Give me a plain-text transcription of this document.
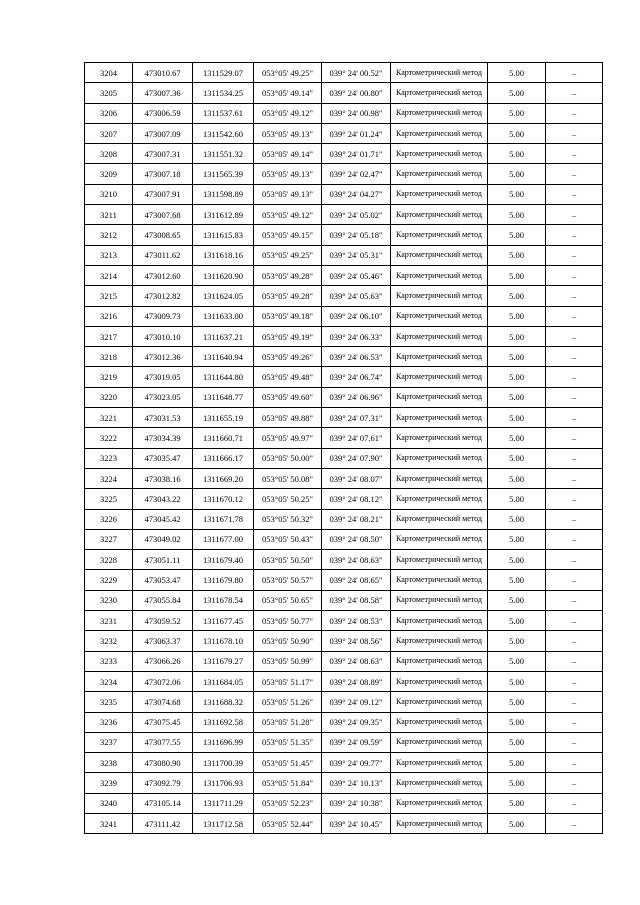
3204	473010.67	1311529.07	053°05' 49.25"	039° 24' 00.52"	Картометрический метод	5.00	–
3205	473007.36	1311534.25	053°05' 49.14"	039° 24' 00.80"	Картометрический метод	5.00	–
3206	473006.59	1311537.61	053°05' 49.12"	039° 24' 00.98"	Картометрический метод	5.00	–
3207	473007.09	1311542.60	053°05' 49.13"	039° 24' 01.24"	Картометрический метод	5.00	–
3208	473007.31	1311551.32	053°05' 49.14"	039° 24' 01.71"	Картометрический метод	5.00	–
3209	473007.18	1311565.39	053°05' 49.13"	039° 24' 02.47"	Картометрический метод	5.00	–
3210	473007.91	1311598.89	053°05' 49.13"	039° 24' 04.27"	Картометрический метод	5.00	–
3211	473007.68	1311612.89	053°05' 49.12"	039° 24' 05.02"	Картометрический метод	5.00	–
3212	473008.65	1311615.83	053°05' 49.15"	039° 24' 05.18"	Картометрический метод	5.00	–
3213	473011.62	1311618.16	053°05' 49.25"	039° 24' 05.31"	Картометрический метод	5.00	–
3214	473012.60	1311620.90	053°05' 49.28"	039° 24' 05.46"	Картометрический метод	5.00	–
3215	473012.82	1311624.05	053°05' 49.28"	039° 24' 05.63"	Картометрический метод	5.00	–
3216	473009.73	1311633.00	053°05' 49.18"	039° 24' 06.10"	Картометрический метод	5.00	–
3217	473010.10	1311637.21	053°05' 49.19"	039° 24' 06.33"	Картометрический метод	5.00	–
3218	473012.36	1311640.94	053°05' 49.26"	039° 24' 06.53"	Картометрический метод	5.00	–
3219	473019.05	1311644.80	053°05' 49.48"	039° 24' 06.74"	Картометрический метод	5.00	–
3220	473023.05	1311648.77	053°05' 49.60"	039° 24' 06.96"	Картометрический метод	5.00	–
3221	473031.53	1311655.19	053°05' 49.88"	039° 24' 07.31"	Картометрический метод	5.00	–
3222	473034.39	1311660.71	053°05' 49.97"	039° 24' 07.61"	Картометрический метод	5.00	–
3223	473035.47	1311666.17	053°05' 50.00"	039° 24' 07.90"	Картометрический метод	5.00	–
3224	473038.16	1311669.20	053°05' 50.08"	039° 24' 08.07"	Картометрический метод	5.00	–
3225	473043.22	1311670.12	053°05' 50.25"	039° 24' 08.12"	Картометрический метод	5.00	–
3226	473045.42	1311671.78	053°05' 50.32"	039° 24' 08.21"	Картометрический метод	5.00	–
3227	473049.02	1311677.00	053°05' 50.43"	039° 24' 08.50"	Картометрический метод	5.00	–
3228	473051.11	1311679.40	053°05' 50.50"	039° 24' 08.63"	Картометрический метод	5.00	–
3229	473053.47	1311679.80	053°05' 50.57"	039° 24' 08.65"	Картометрический метод	5.00	–
3230	473055.84	1311678.54	053°05' 50.65"	039° 24' 08.58"	Картометрический метод	5.00	–
3231	473059.52	1311677.45	053°05' 50.77"	039° 24' 08.53"	Картометрический метод	5.00	–
3232	473063.37	1311678.10	053°05' 50.90"	039° 24' 08.56"	Картометрический метод	5.00	–
3233	473066.26	1311679.27	053°05' 50.99"	039° 24' 08.63"	Картометрический метод	5.00	–
3234	473072.06	1311684.05	053°05' 51.17"	039° 24' 08.89"	Картометрический метод	5.00	–
3235	473074.68	1311688.32	053°05' 51.26"	039° 24' 09.12"	Картометрический метод	5.00	–
3236	473075.45	1311692.58	053°05' 51.28"	039° 24' 09.35"	Картометрический метод	5.00	–
3237	473077.55	1311696.99	053°05' 51.35"	039° 24' 09.59"	Картометрический метод	5.00	–
3238	473080.90	1311700.39	053°05' 51.45"	039° 24' 09.77"	Картометрический метод	5.00	–
3239	473092.79	1311706.93	053°05' 51.84"	039° 24' 10.13"	Картометрический метод	5.00	–
3240	473105.14	1311711.29	053°05' 52.23"	039° 24' 10.38"	Картометрический метод	5.00	–
3241	473111.42	1311712.58	053°05' 52.44"	039° 24' 10.45"	Картометрический метод	5.00	–
